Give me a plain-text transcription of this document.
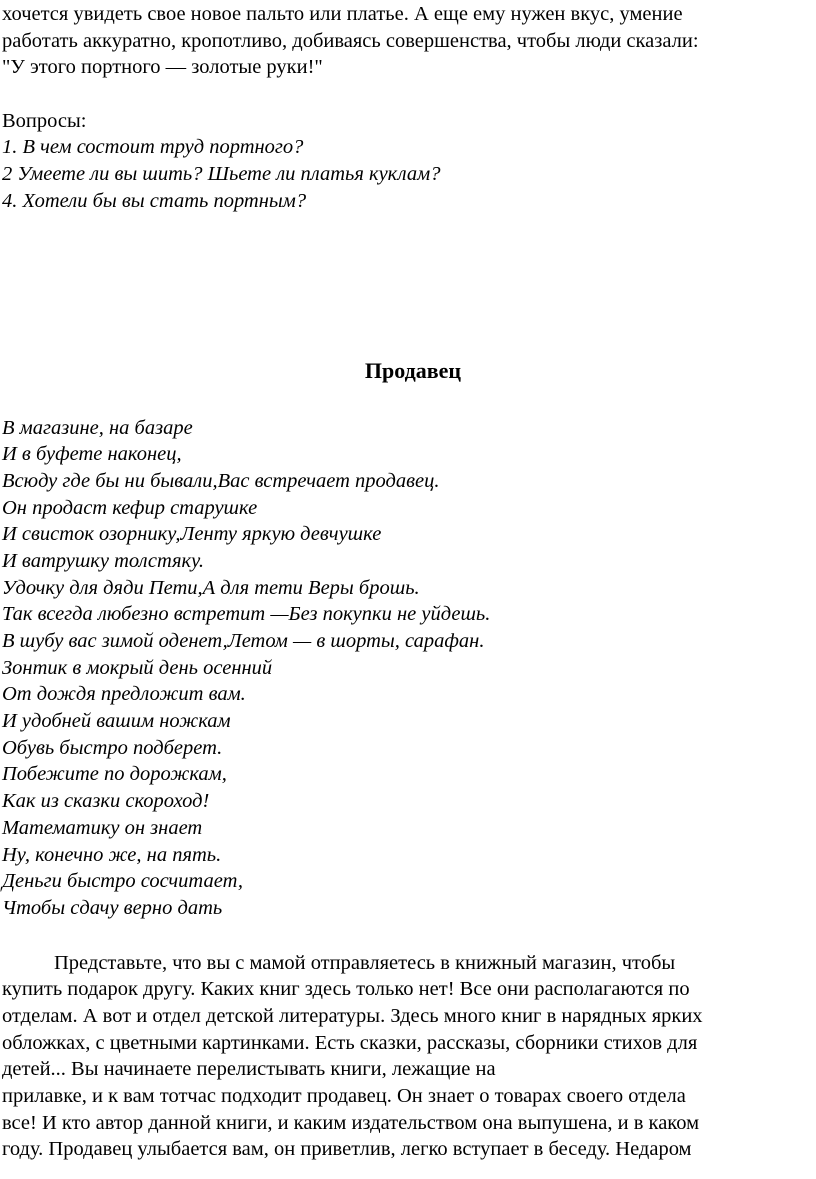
хочется увидеть свое новое пальто или платье. А еще ему нужен вкус, умение
работать аккуратно, кропотливо, добиваясь совершенства, чтобы люди сказали:
"У этого портного — золотые руки!"
Вопросы:
1. В чем состоит труд портного?
2 Умеете ли вы шить? Шьете ли платья куклам?
4. Хотели бы вы стать портным?
Продавец
В магазине, на базаре
И в буфете наконец,
Всюду где бы ни бывали,Вас встречает продавец.
Он продаст кефир старушке
И свисток озорнику,Ленту яркую девчушке
И ватрушку толстяку.
Удочку для дяди Пети,А для тети Веры брошь.
Так всегда любезно встретит —Без покупки не уйдешь.
В шубу вас зимой оденет,Летом — в шорты, сарафан.
Зонтик в мокрый день осенний
От дождя предложит вам.
И удобней вашим ножкам
Обувь быстро подберет.
Побежите по дорожкам,
Как из сказки скороход!
Математику он знает
Ну, конечно же, на пять.
Деньги быстро сосчитает,
Чтобы сдачу верно дать
Представьте, что вы с мамой отправляетесь в книжный магазин, чтобы
купить подарок другу. Каких книг здесь только нет! Все они располагаются по
отделам. А вот и отдел детской литературы. Здесь много книг в нарядных ярких
обложках, с цветными картинками. Есть сказки, рассказы, сборники стихов для
детей... Вы начинаете перелистывать книги, лежащие на
прилавке, и к вам тотчас подходит продавец. Он знает о товарах своего отдела
все! И кто автор данной книги, и каким издательством она выпушена, и в каком
году. Продавец улыбается вам, он приветлив, легко вступает в беседу. Недаром
